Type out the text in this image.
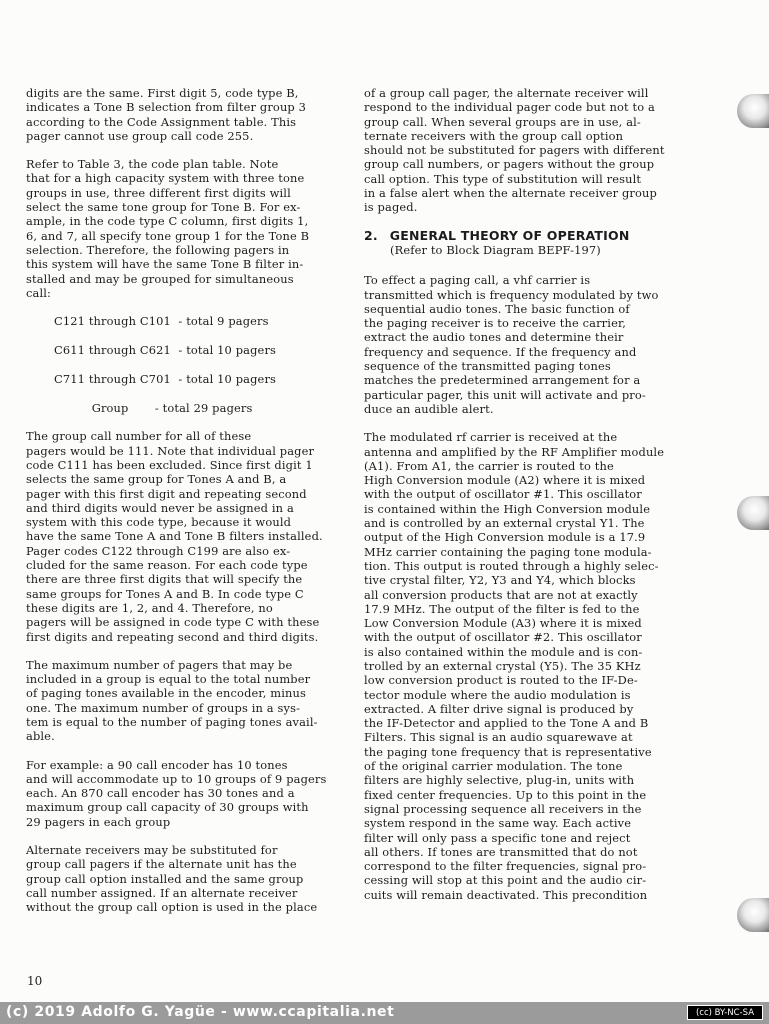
digits are the same. First digit 5, code type B,
indicates a Tone B selection from filter group 3
according to the Code Assignment table. This
pager cannot use group call code 255.

Refer to Table 3, the code plan table. Note
that for a high capacity system with three tone
groups in use, three different first digits will
select the same tone group for Tone B. For ex-
ample, in the code type C column, first digits 1,
6, and 7, all specify tone group 1 for the Tone B
selection. Therefore, the following pagers in
this system will have the same Tone B filter in-
stalled and may be grouped for simultaneous
call:

C121 through C101  - total 9 pagers
C611 through C621  - total 10 pagers
C711 through C701  - total 10 pagers
Group       - total 29 pagers

The group call number for all of these
pagers would be 111. Note that individual pager
code C111 has been excluded. Since first digit 1
selects the same group for Tones A and B, a
pager with this first digit and repeating second
and third digits would never be assigned in a
system with this code type, because it would
have the same Tone A and Tone B filters installed.
Pager codes C122 through C199 are also ex-
cluded for the same reason. For each code type
there are three first digits that will specify the
same groups for Tones A and B. In code type C
these digits are 1, 2, and 4. Therefore, no
pagers will be assigned in code type C with these
first digits and repeating second and third digits.

The maximum number of pagers that may be
included in a group is equal to the total number
of paging tones available in the encoder, minus
one. The maximum number of groups in a sys-
tem is equal to the number of paging tones avail-
able.

For example: a 90 call encoder has 10 tones
and will accommodate up to 10 groups of 9 pagers
each. An 870 call encoder has 30 tones and a
maximum group call capacity of 30 groups with
29 pagers in each group

Alternate receivers may be substituted for
group call pagers if the alternate unit has the
group call option installed and the same group
call number assigned. If an alternate receiver
without the group call option is used in the place

of a group call pager, the alternate receiver will
respond to the individual pager code but not to a
group call. When several groups are in use, al-
ternate receivers with the group call option
should not be substituted for pagers with different
group call numbers, or pagers without the group
call option. This type of substitution will result
in a false alert when the alternate receiver group
is paged.

2. GENERAL THEORY OF OPERATION
(Refer to Block Diagram BEPF-197)

To effect a paging call, a vhf carrier is
transmitted which is frequency modulated by two
sequential audio tones. The basic function of
the paging receiver is to receive the carrier,
extract the audio tones and determine their
frequency and sequence. If the frequency and
sequence of the transmitted paging tones
matches the predetermined arrangement for a
particular pager, this unit will activate and pro-
duce an audible alert.

The modulated rf carrier is received at the
antenna and amplified by the RF Amplifier module
(A1). From A1, the carrier is routed to the
High Conversion module (A2) where it is mixed
with the output of oscillator #1. This oscillator
is contained within the High Conversion module
and is controlled by an external crystal Y1. The
output of the High Conversion module is a 17.9
MHz carrier containing the paging tone modula-
tion. This output is routed through a highly selec-
tive crystal filter, Y2, Y3 and Y4, which blocks
all conversion products that are not at exactly
17.9 MHz. The output of the filter is fed to the
Low Conversion Module (A3) where it is mixed
with the output of oscillator #2. This oscillator
is also contained within the module and is con-
trolled by an external crystal (Y5). The 35 KHz
low conversion product is routed to the IF-De-
tector module where the audio modulation is
extracted. A filter drive signal is produced by
the IF-Detector and applied to the Tone A and B
Filters. This signal is an audio squarewave at
the paging tone frequency that is representative
of the original carrier modulation. The tone
filters are highly selective, plug-in, units with
fixed center frequencies. Up to this point in the
signal processing sequence all receivers in the
system respond in the same way. Each active
filter will only pass a specific tone and reject
all others. If tones are transmitted that do not
correspond to the filter frequencies, signal pro-
cessing will stop at this point and the audio cir-
cuits will remain deactivated. This precondition

10
(c) 2019 Adolfo G. Yagüe - www.ccapitalia.net	(cc) BY-NC-SA
